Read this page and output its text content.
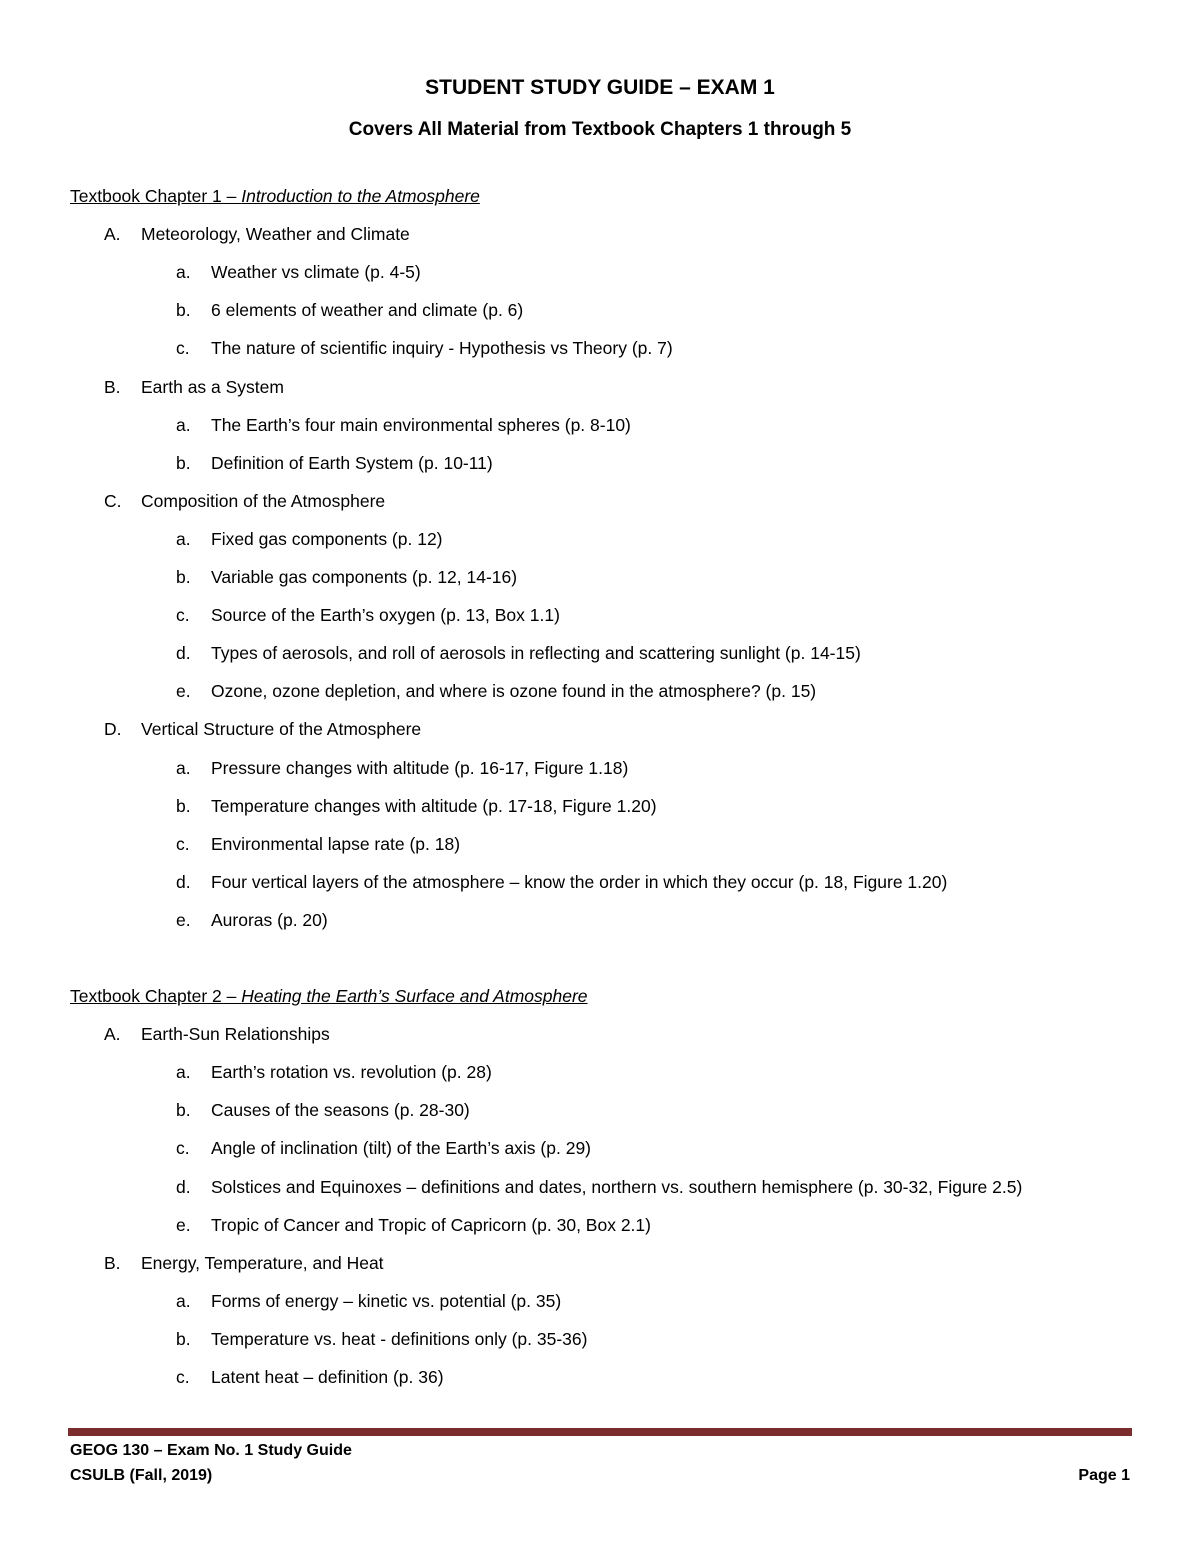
STUDENT STUDY GUIDE – EXAM 1
Covers All Material from Textbook Chapters 1 through 5
Textbook Chapter 1 – Introduction to the Atmosphere
A. Meteorology, Weather and Climate
a. Weather vs climate (p. 4-5)
b. 6 elements of weather and climate (p. 6)
c. The nature of scientific inquiry - Hypothesis vs Theory (p. 7)
B. Earth as a System
a. The Earth’s four main environmental spheres (p. 8-10)
b. Definition of Earth System (p. 10-11)
C. Composition of the Atmosphere
a. Fixed gas components (p. 12)
b. Variable gas components (p. 12, 14-16)
c. Source of the Earth’s oxygen (p. 13, Box 1.1)
d. Types of aerosols, and roll of aerosols in reflecting and scattering sunlight (p. 14-15)
e. Ozone, ozone depletion, and where is ozone found in the atmosphere? (p. 15)
D. Vertical Structure of the Atmosphere
a. Pressure changes with altitude (p. 16-17, Figure 1.18)
b. Temperature changes with altitude (p. 17-18, Figure 1.20)
c. Environmental lapse rate (p. 18)
d. Four vertical layers of the atmosphere – know the order in which they occur (p. 18, Figure 1.20)
e. Auroras (p. 20)
Textbook Chapter 2 – Heating the Earth’s Surface and Atmosphere
A. Earth-Sun Relationships
a. Earth’s rotation vs. revolution (p. 28)
b. Causes of the seasons (p. 28-30)
c. Angle of inclination (tilt) of the Earth’s axis (p. 29)
d. Solstices and Equinoxes – definitions and dates, northern vs. southern hemisphere (p. 30-32, Figure 2.5)
e. Tropic of Cancer and Tropic of Capricorn (p. 30, Box 2.1)
B. Energy, Temperature, and Heat
a. Forms of energy – kinetic vs. potential (p. 35)
b. Temperature vs. heat - definitions only (p. 35-36)
c. Latent heat – definition (p. 36)
GEOG 130 – Exam No. 1 Study Guide
CSULB (Fall, 2019)	Page 1
